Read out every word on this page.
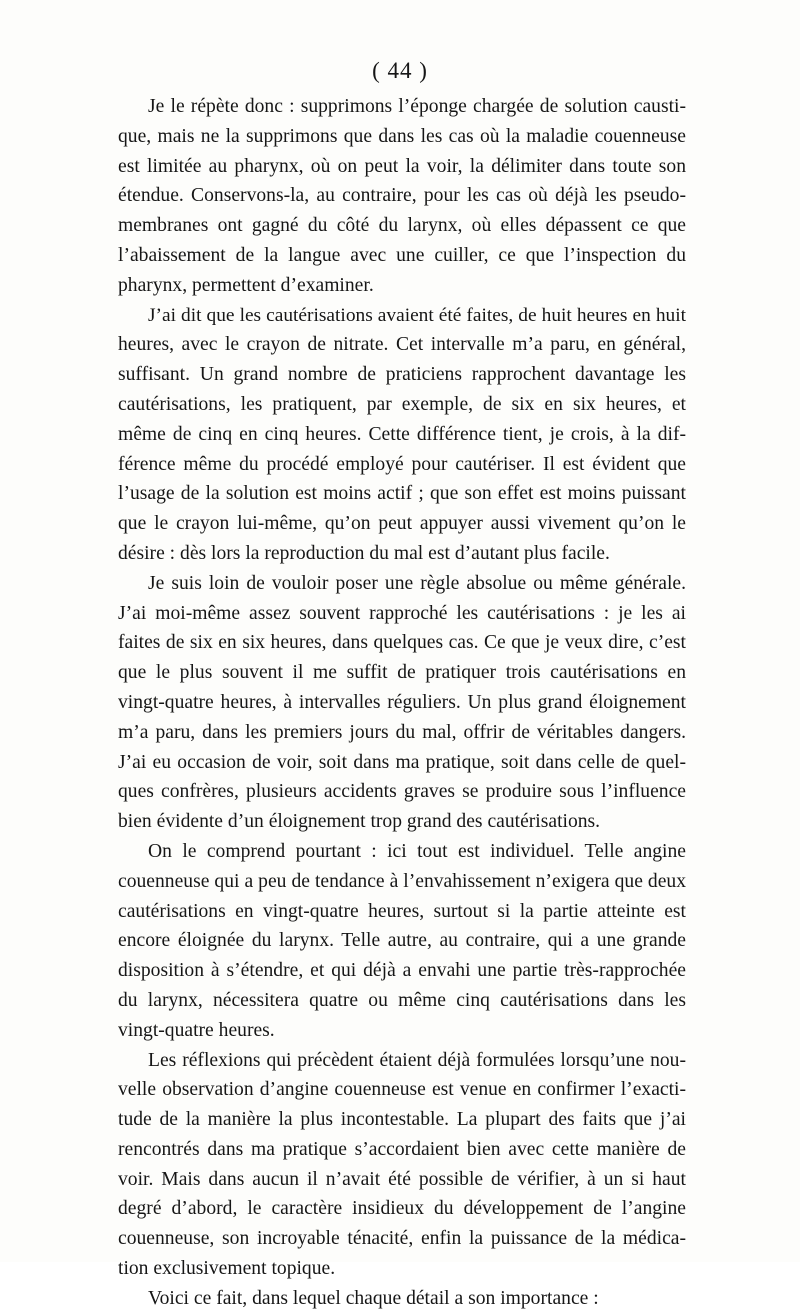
( 44 )

Je le répète donc : supprimons l’éponge chargée de solution causti-
que, mais ne la supprimons que dans les cas où la maladie couenneuse
est limitée au pharynx, où on peut la voir, la délimiter dans toute son
étendue. Conservons-la, au contraire, pour les cas où déjà les pseudo-
membranes ont gagné du côté du larynx, où elles dépassent ce que
l’abaissement de la langue avec une cuiller, ce que l’inspection du
pharynx, permettent d’examiner.

J’ai dit que les cautérisations avaient été faites, de huit heures en huit
heures, avec le crayon de nitrate. Cet intervalle m’a paru, en général,
suffisant. Un grand nombre de praticiens rapprochent davantage les
cautérisations, les pratiquent, par exemple, de six en six heures, et
même de cinq en cinq heures. Cette différence tient, je crois, à la dif-
férence même du procédé employé pour cautériser. Il est évident que
l’usage de la solution est moins actif ; que son effet est moins puissant
que le crayon lui-même, qu’on peut appuyer aussi vivement qu’on le
désire : dès lors la reproduction du mal est d’autant plus facile.

Je suis loin de vouloir poser une règle absolue ou même générale.
J’ai moi-même assez souvent rapproché les cautérisations : je les ai
faites de six en six heures, dans quelques cas. Ce que je veux dire, c’est
que le plus souvent il me suffit de pratiquer trois cautérisations en
vingt-quatre heures, à intervalles réguliers. Un plus grand éloignement
m’a paru, dans les premiers jours du mal, offrir de véritables dangers.
J’ai eu occasion de voir, soit dans ma pratique, soit dans celle de quel-
ques confrères, plusieurs accidents graves se produire sous l’influence
bien évidente d’un éloignement trop grand des cautérisations.

On le comprend pourtant : ici tout est individuel. Telle angine
couenneuse qui a peu de tendance à l’envahissement n’exigera que deux
cautérisations en vingt-quatre heures, surtout si la partie atteinte est
encore éloignée du larynx. Telle autre, au contraire, qui a une grande
disposition à s’étendre, et qui déjà a envahi une partie très-rapprochée
du larynx, nécessitera quatre ou même cinq cautérisations dans les
vingt-quatre heures.

Les réflexions qui précèdent étaient déjà formulées lorsqu’une nou-
velle observation d’angine couenneuse est venue en confirmer l’exacti-
tude de la manière la plus incontestable. La plupart des faits que j’ai
rencontrés dans ma pratique s’accordaient bien avec cette manière de
voir. Mais dans aucun il n’avait été possible de vérifier, à un si haut
degré d’abord, le caractère insidieux du développement de l’angine
couenneuse, son incroyable ténacité, enfin la puissance de la médica-
tion exclusivement topique.

Voici ce fait, dans lequel chaque détail a son importance :
